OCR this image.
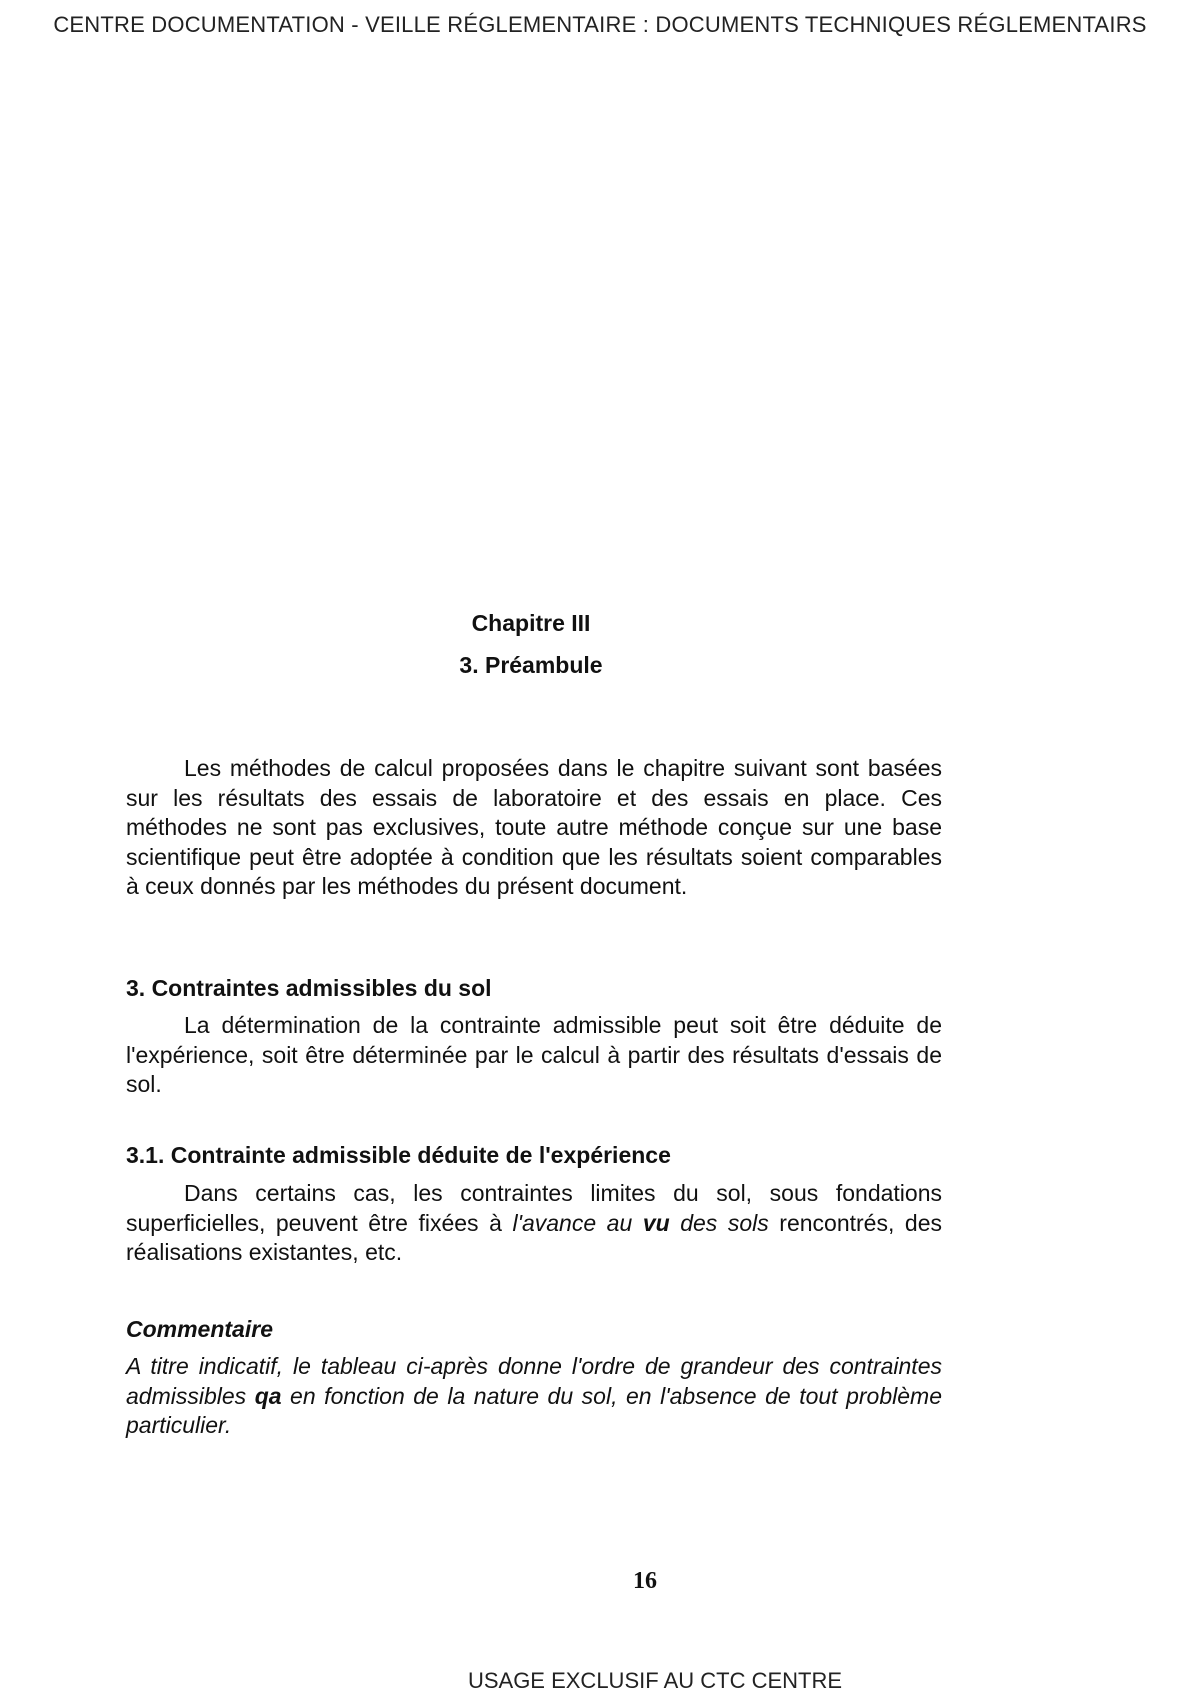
CENTRE DOCUMENTATION - VEILLE RÉGLEMENTAIRE : DOCUMENTS TECHNIQUES RÉGLEMENTAIRS
Chapitre III
3. Préambule
Les méthodes de calcul proposées dans le chapitre suivant sont basées sur les résultats des essais de laboratoire et des essais en place. Ces méthodes ne sont pas exclusives, toute autre méthode conçue sur une base scientifique peut être adoptée à condition que les résultats soient comparables à ceux donnés par les méthodes du présent document.
3. Contraintes admissibles du sol
La détermination de la contrainte admissible peut soit être déduite de l'expérience, soit être déterminée par le calcul à partir des résultats d'essais de sol.
3.1. Contrainte admissible déduite de l'expérience
Dans certains cas, les contraintes limites du sol, sous fondations superficielles, peuvent être fixées à l'avance au vu des sols rencontrés, des réalisations existantes, etc.
Commentaire
A titre indicatif, le tableau ci-après donne l'ordre de grandeur des contraintes admissibles qa en fonction de la nature du sol, en l'absence de tout problème particulier.
16
USAGE EXCLUSIF AU CTC CENTRE
